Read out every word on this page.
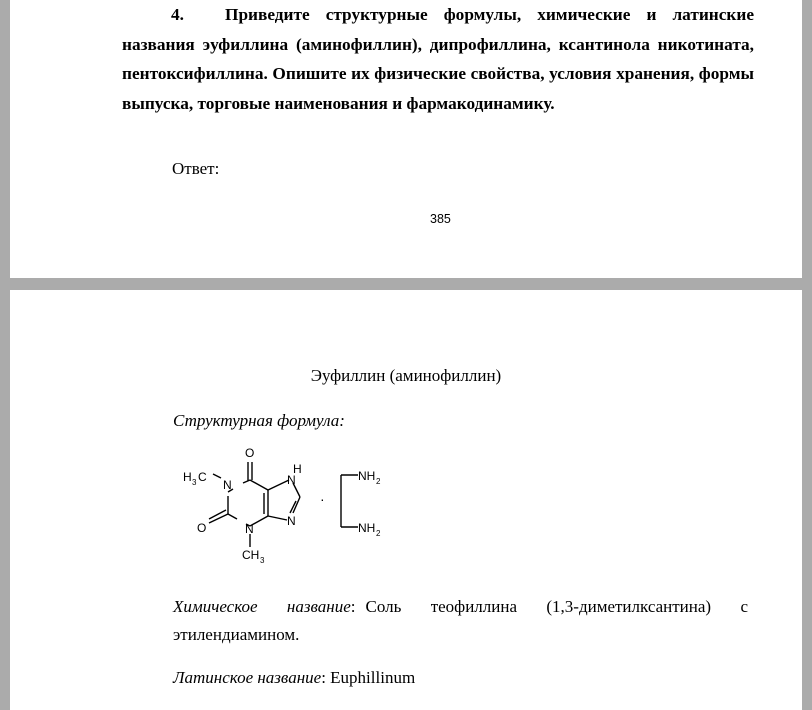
4.	Приведите структурные формулы, химические и латинские названия эуфиллина (аминофиллин), дипрофиллина, ксантинола никотината, пентоксифиллина. Опишите их физические свойства, условия хранения, формы выпуска, торговые наименования и фармакодинамику.

Ответ:
385
Эуфиллин (аминофиллин)
Структурная формула:
O
O
N
N
H
N
N
H 3 C
CH 3
·
NH 2
NH 2
Химическое название: Соль теофиллина (1,3-диметилксантина) с этилендиамином.
Латинское название: Euphillinum
